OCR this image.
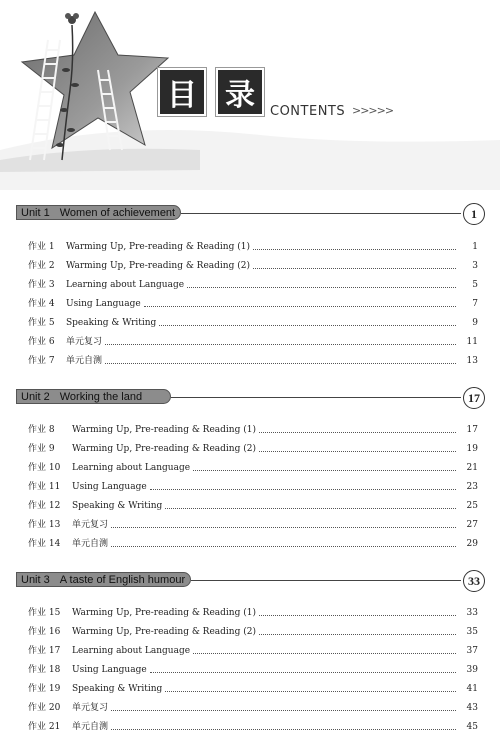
目 录	CONTENTS >>>>>
Unit 1 Women of achievement	1
作业 1	Warming Up, Pre-reading & Reading (1)	1
作业 2	Warming Up, Pre-reading & Reading (2)	3
作业 3	Learning about Language	5
作业 4	Using Language	7
作业 5	Speaking & Writing	9
作业 6	单元复习	11
作业 7	单元自测	13
Unit 2 Working the land	17
作业 8	Warming Up, Pre-reading & Reading (1)	17
作业 9	Warming Up, Pre-reading & Reading (2)	19
作业 10	Learning about Language	21
作业 11	Using Language	23
作业 12	Speaking & Writing	25
作业 13	单元复习	27
作业 14	单元自测	29
Unit 3 A taste of English humour	33
作业 15	Warming Up, Pre-reading & Reading (1)	33
作业 16	Warming Up, Pre-reading & Reading (2)	35
作业 17	Learning about Language	37
作业 18	Using Language	39
作业 19	Speaking & Writing	41
作业 20	单元复习	43
作业 21	单元自测	45
